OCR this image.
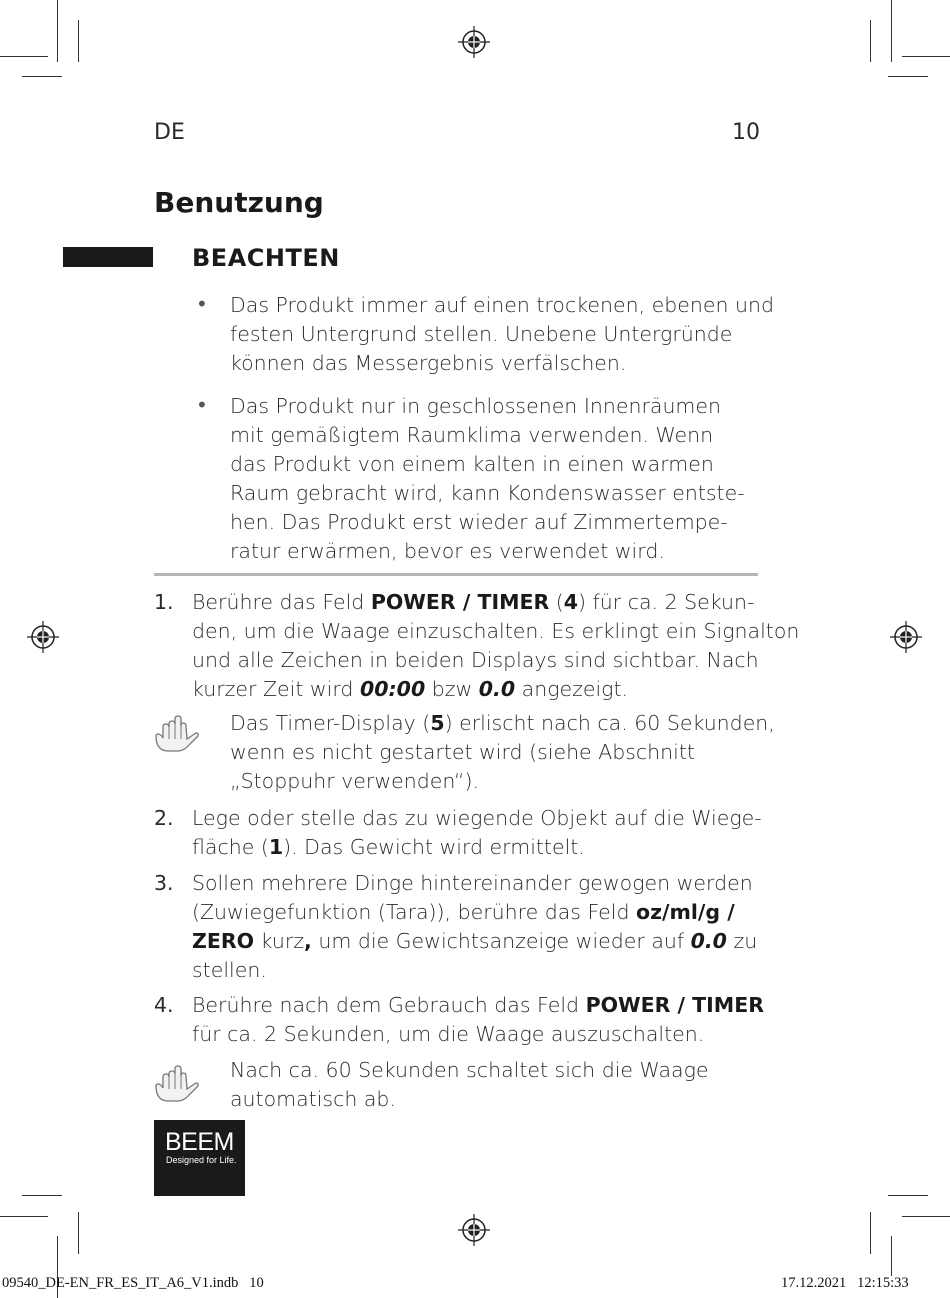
DE	10
Benutzung
BEACHTEN
• Das Produkt immer auf einen trockenen, ebenen und
festen Untergrund stellen. Unebene Untergründe
können das Messergebnis verfälschen.
• Das Produkt nur in geschlossenen Innenräumen
mit gemäßigtem Raumklima verwenden. Wenn
das Produkt von einem kalten in einen warmen
Raum gebracht wird, kann Kondenswasser entste-
hen. Das Produkt erst wieder auf Zimmertempe-
ratur erwärmen, bevor es verwendet wird.
1. Berühre das Feld POWER / TIMER (4) für ca. 2 Sekun-
den, um die Waage einzuschalten. Es erklingt ein Signalton
und alle Zeichen in beiden Displays sind sichtbar. Nach
kurzer Zeit wird 00:00 bzw 0.0 angezeigt.
Das Timer-Display (5) erlischt nach ca. 60 Sekunden,
wenn es nicht gestartet wird (siehe Abschnitt
„Stoppuhr verwenden“).
2. Lege oder stelle das zu wiegende Objekt auf die Wiege-
fläche (1). Das Gewicht wird ermittelt.
3. Sollen mehrere Dinge hintereinander gewogen werden
(Zuwiegefunktion (Tara)), berühre das Feld oz/ml/g /
ZERO kurz, um die Gewichtsanzeige wieder auf 0.0 zu
stellen.
4. Berühre nach dem Gebrauch das Feld POWER / TIMER
für ca. 2 Sekunden, um die Waage auszuschalten.
Nach ca. 60 Sekunden schaltet sich die Waage
automatisch ab.
BEEM
Designed for Life.
09540_DE-EN_FR_ES_IT_A6_V1.indb   10	17.12.2021   12:15:33
